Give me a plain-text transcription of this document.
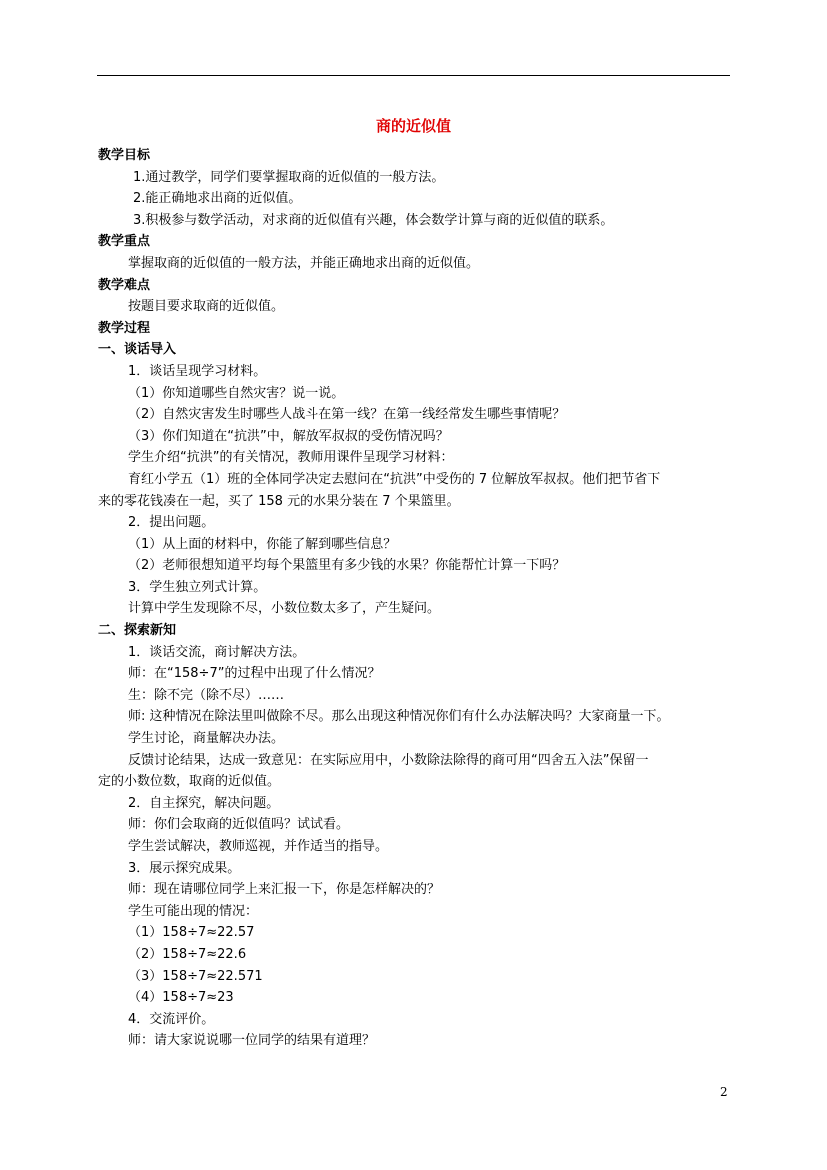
商的近似值
教学目标
1.通过教学，同学们要掌握取商的近似值的一般方法。
2.能正确地求出商的近似值。
3.积极参与数学活动，对求商的近似值有兴趣，体会数学计算与商的近似值的联系。
教学重点
掌握取商的近似值的一般方法，并能正确地求出商的近似值。
教学难点
按题目要求取商的近似值。
教学过程
一、谈话导入
1．谈话呈现学习材料。
（1）你知道哪些自然灾害？说一说。
（2）自然灾害发生时哪些人战斗在第一线？在第一线经常发生哪些事情呢？
（3）你们知道在“抗洪”中，解放军叔叔的受伤情况吗？
学生介绍“抗洪”的有关情况，教师用课件呈现学习材料：
育红小学五（1）班的全体同学决定去慰问在“抗洪”中受伤的 7 位解放军叔叔。他们把节省下
来的零花钱凑在一起，买了 158 元的水果分装在 7 个果篮里。
2．提出问题。
（1）从上面的材料中，你能了解到哪些信息？
（2）老师很想知道平均每个果篮里有多少钱的水果？你能帮忙计算一下吗？
3．学生独立列式计算。
计算中学生发现除不尽，小数位数太多了，产生疑问。
二、探索新知
1．谈话交流，商讨解决方法。
师：在“158÷7”的过程中出现了什么情况？
生：除不完（除不尽）……
师: 这种情况在除法里叫做除不尽。那么出现这种情况你们有什么办法解决吗？大家商量一下。
学生讨论，商量解决办法。
反馈讨论结果，达成一致意见：在实际应用中，小数除法除得的商可用“四舍五入法”保留一
定的小数位数，取商的近似值。
2．自主探究，解决问题。
师：你们会取商的近似值吗？试试看。
学生尝试解决，教师巡视，并作适当的指导。
3．展示探究成果。
师：现在请哪位同学上来汇报一下，你是怎样解决的？
学生可能出现的情况：
（1）158÷7≈22.57
（2）158÷7≈22.6
（3）158÷7≈22.571
（4）158÷7≈23
4．交流评价。
师：请大家说说哪一位同学的结果有道理？
2
